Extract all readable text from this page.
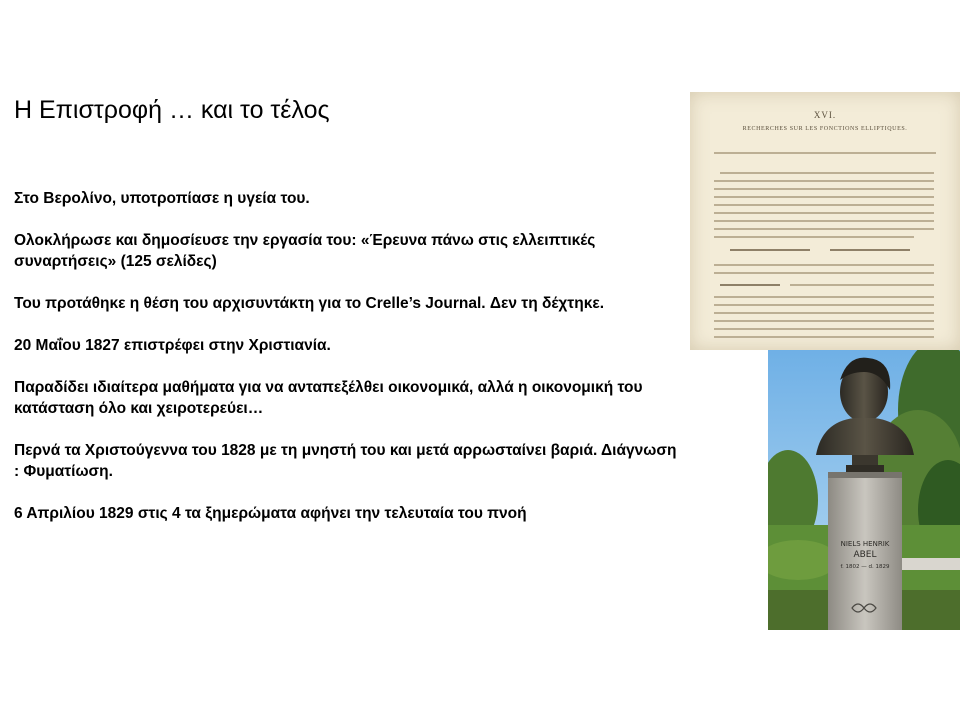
Η Επιστροφή … και το τέλος

Στο Βερολίνο, υποτροπίασε η υγεία του.

Ολοκλήρωσε και δημοσίευσε την εργασία του: «Έρευνα πάνω στις ελλειπτικές συναρτήσεις» (125 σελίδες)

Του προτάθηκε η θέση του αρχισυντάκτη για το Crelle’s Journal. Δεν τη δέχτηκε.

20 Μαΐου 1827 επιστρέφει στην Χριστιανία.

Παραδίδει ιδιαίτερα μαθήματα για να ανταπεξέλθει οικονομικά, αλλά η οικονομική του κατάσταση όλο και χειροτερεύει…

Περνά τα Χριστούγεννα του 1828 με τη μνηστή του και μετά αρρωσταίνει βαριά. Διάγνωση : Φυματίωση.

6 Απριλίου 1829 στις 4 τα ξημερώματα αφήνει την τελευταία του πνοή

XVI.
RECHERCHES SUR LES FONCTIONS ELLIPTIQUES.
NIELS HENRIK
ABEL
f. 1802 — d. 1829
